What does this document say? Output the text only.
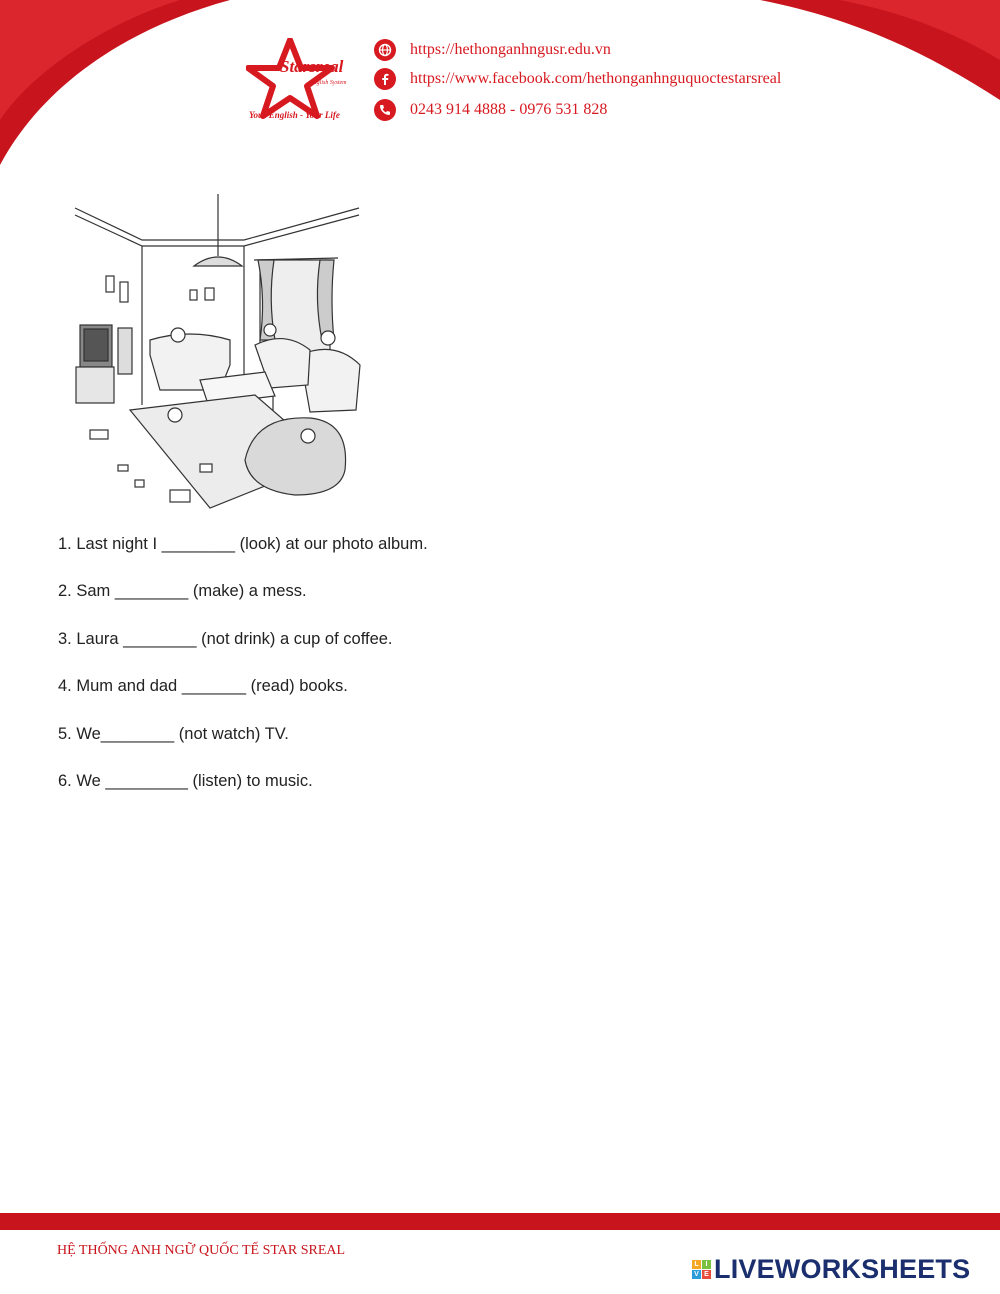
Starsreal
English System
Your English - Your Life
https://hethonganhngusr.edu.vn
https://www.facebook.com/hethonganhnguquoctestarsreal
0243 914 4888 - 0976 531 828
1. Last night I ________ (look) at our photo album.
2. Sam ________ (make) a mess.
3. Laura ________ (not drink) a cup of coffee.
4. Mum and dad _______ (read) books.
5. We________ (not watch) TV.
6. We _________ (listen) to music.
HỆ THỐNG ANH NGỮ QUỐC TẾ STAR SREAL
L I
V E LIVEWORKSHEETS
